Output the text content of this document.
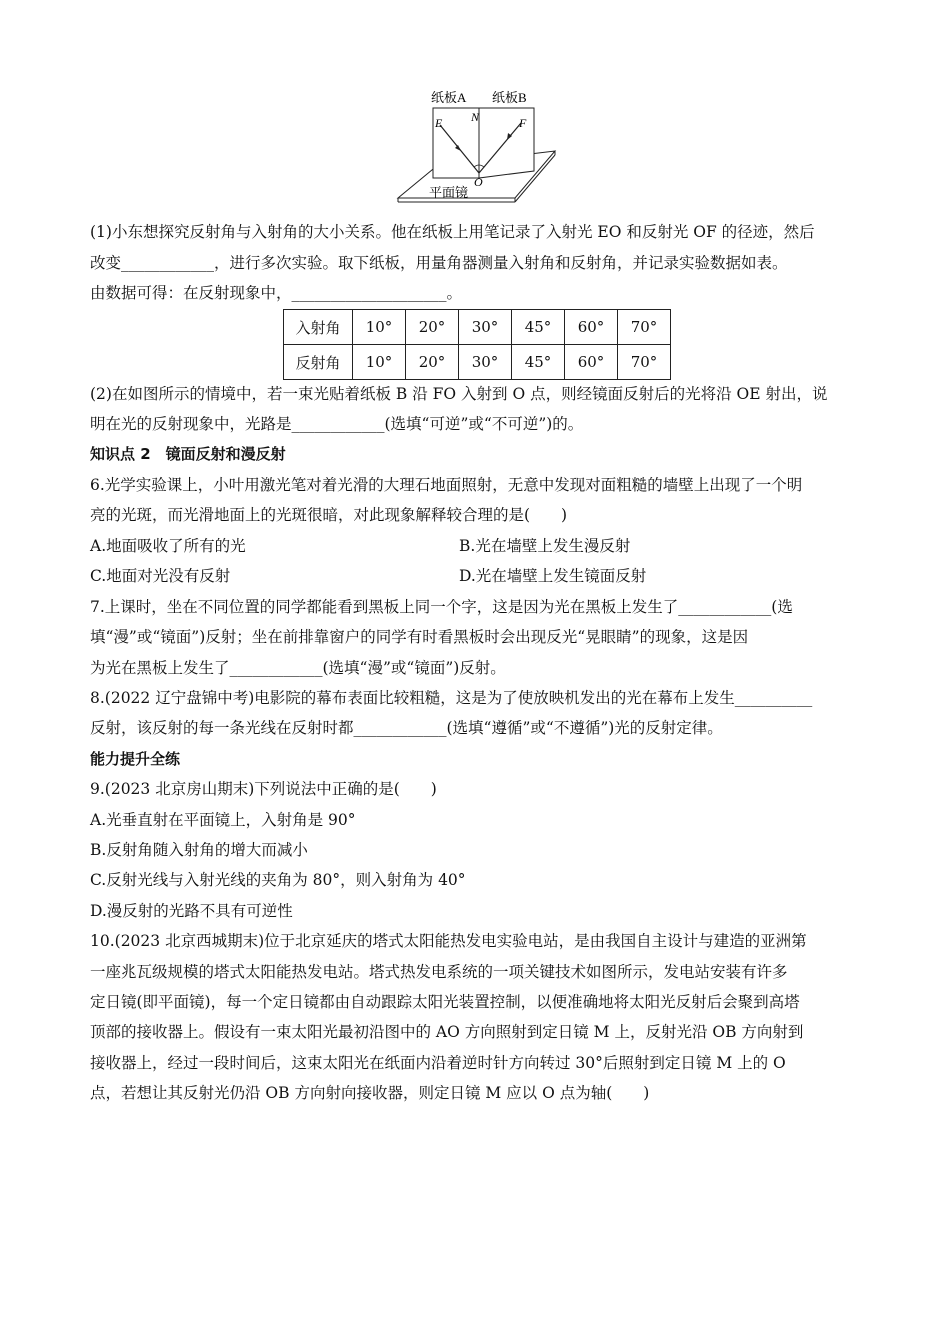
纸板A 纸板B
E N	F
O
平面镜
(1)小东想探究反射角与入射角的大小关系。他在纸板上用笔记录了入射光 EO 和反射光 OF 的径迹，然后
改变____________，进行多次实验。取下纸板，用量角器测量入射角和反射角，并记录实验数据如表。
由数据可得：在反射现象中，____________________。
入射角	10°	20°	30°	45°	60°	70°
反射角	10°	20°	30°	45°	60°	70°
(2)在如图所示的情境中，若一束光贴着纸板 B 沿 FO 入射到 O 点，则经镜面反射后的光将沿 OE 射出，说
明在光的反射现象中，光路是____________(选填“可逆”或“不可逆”)的。
知识点 2　镜面反射和漫反射
6.光学实验课上，小叶用激光笔对着光滑的大理石地面照射，无意中发现对面粗糙的墙壁上出现了一个明
亮的光斑，而光滑地面上的光斑很暗，对此现象解释较合理的是(　　)
A.地面吸收了所有的光	B.光在墙壁上发生漫反射
C.地面对光没有反射	D.光在墙壁上发生镜面反射
7.上课时，坐在不同位置的同学都能看到黑板上同一个字，这是因为光在黑板上发生了____________(选
填“漫”或“镜面”)反射；坐在前排靠窗户的同学有时看黑板时会出现反光“晃眼睛”的现象，这是因
为光在黑板上发生了____________(选填“漫”或“镜面”)反射。
8.(2022 辽宁盘锦中考)电影院的幕布表面比较粗糙，这是为了使放映机发出的光在幕布上发生__________
反射，该反射的每一条光线在反射时都____________(选填“遵循”或“不遵循”)光的反射定律。
能力提升全练
9.(2023 北京房山期末)下列说法中正确的是(　　)
A.光垂直射在平面镜上，入射角是 90°
B.反射角随入射角的增大而减小
C.反射光线与入射光线的夹角为 80°，则入射角为 40°
D.漫反射的光路不具有可逆性
10.(2023 北京西城期末)位于北京延庆的塔式太阳能热发电实验电站，是由我国自主设计与建造的亚洲第
一座兆瓦级规模的塔式太阳能热发电站。塔式热发电系统的一项关键技术如图所示，发电站安装有许多
定日镜(即平面镜)，每一个定日镜都由自动跟踪太阳光装置控制，以便准确地将太阳光反射后会聚到高塔
顶部的接收器上。假设有一束太阳光最初沿图中的 AO 方向照射到定日镜 M 上，反射光沿 OB 方向射到
接收器上，经过一段时间后，这束太阳光在纸面内沿着逆时针方向转过 30°后照射到定日镜 M 上的 O
点，若想让其反射光仍沿 OB 方向射向接收器，则定日镜 M 应以 O 点为轴(　　)
